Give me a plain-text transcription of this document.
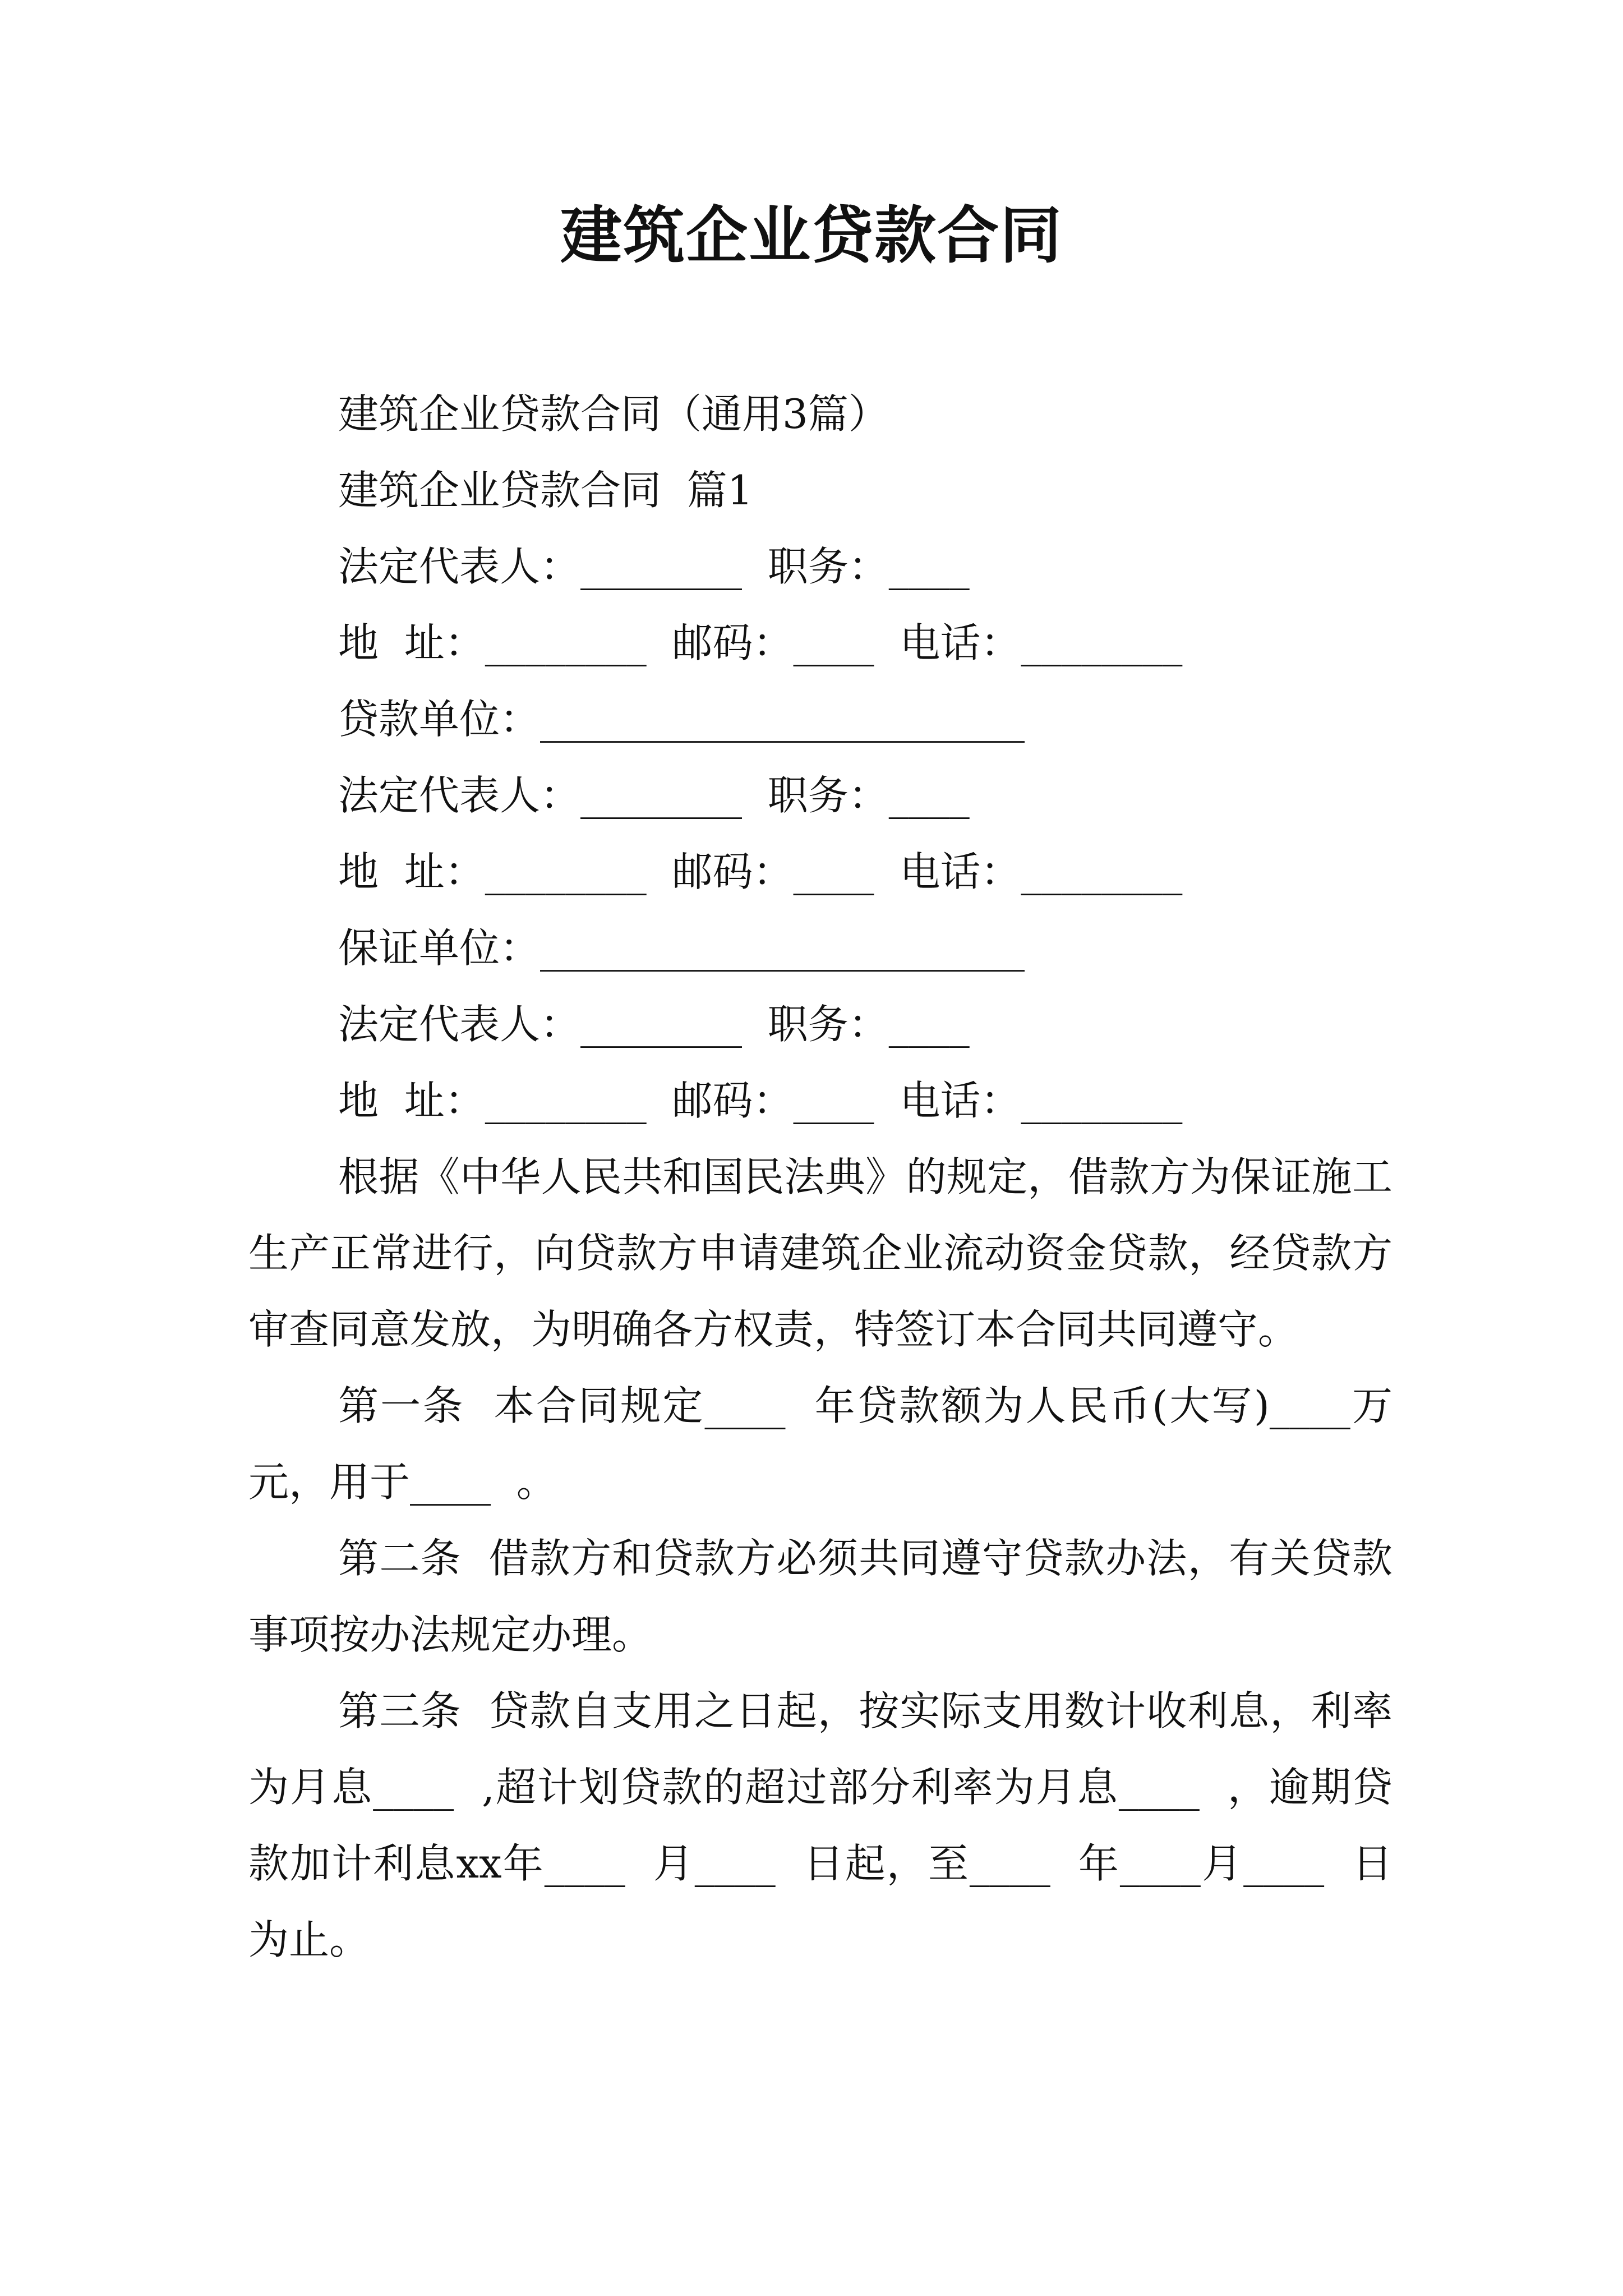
建筑企业贷款合同
建筑企业贷款合同（通用3篇）
建筑企业贷款合同  篇1
法定代表人：________  职务：____
地  址：________  邮码：____  电话：________
贷款单位：________________________
法定代表人：________  职务：____
地  址：________  邮码：____  电话：________
保证单位：________________________
法定代表人：________  职务：____
地  址：________  邮码：____  电话：________

根据《中华人民共和国民法典》的规定，借款方为保证施工生产正常进行，向贷款方申请建筑企业流动资金贷款，经贷款方审查同意发放，为明确各方权责，特签订本合同共同遵守。

第一条  本合同规定____  年贷款额为人民币(大写)____万元，用于____  。

第二条  借款方和贷款方必须共同遵守贷款办法，有关贷款事项按办法规定办理。

第三条  贷款自支用之日起，按实际支用数计收利息，利率为月息____  ,超计划贷款的超过部分利率为月息____  ，逾期贷款加计利息xx年____  月____  日起，至____  年____月____  日为止。
